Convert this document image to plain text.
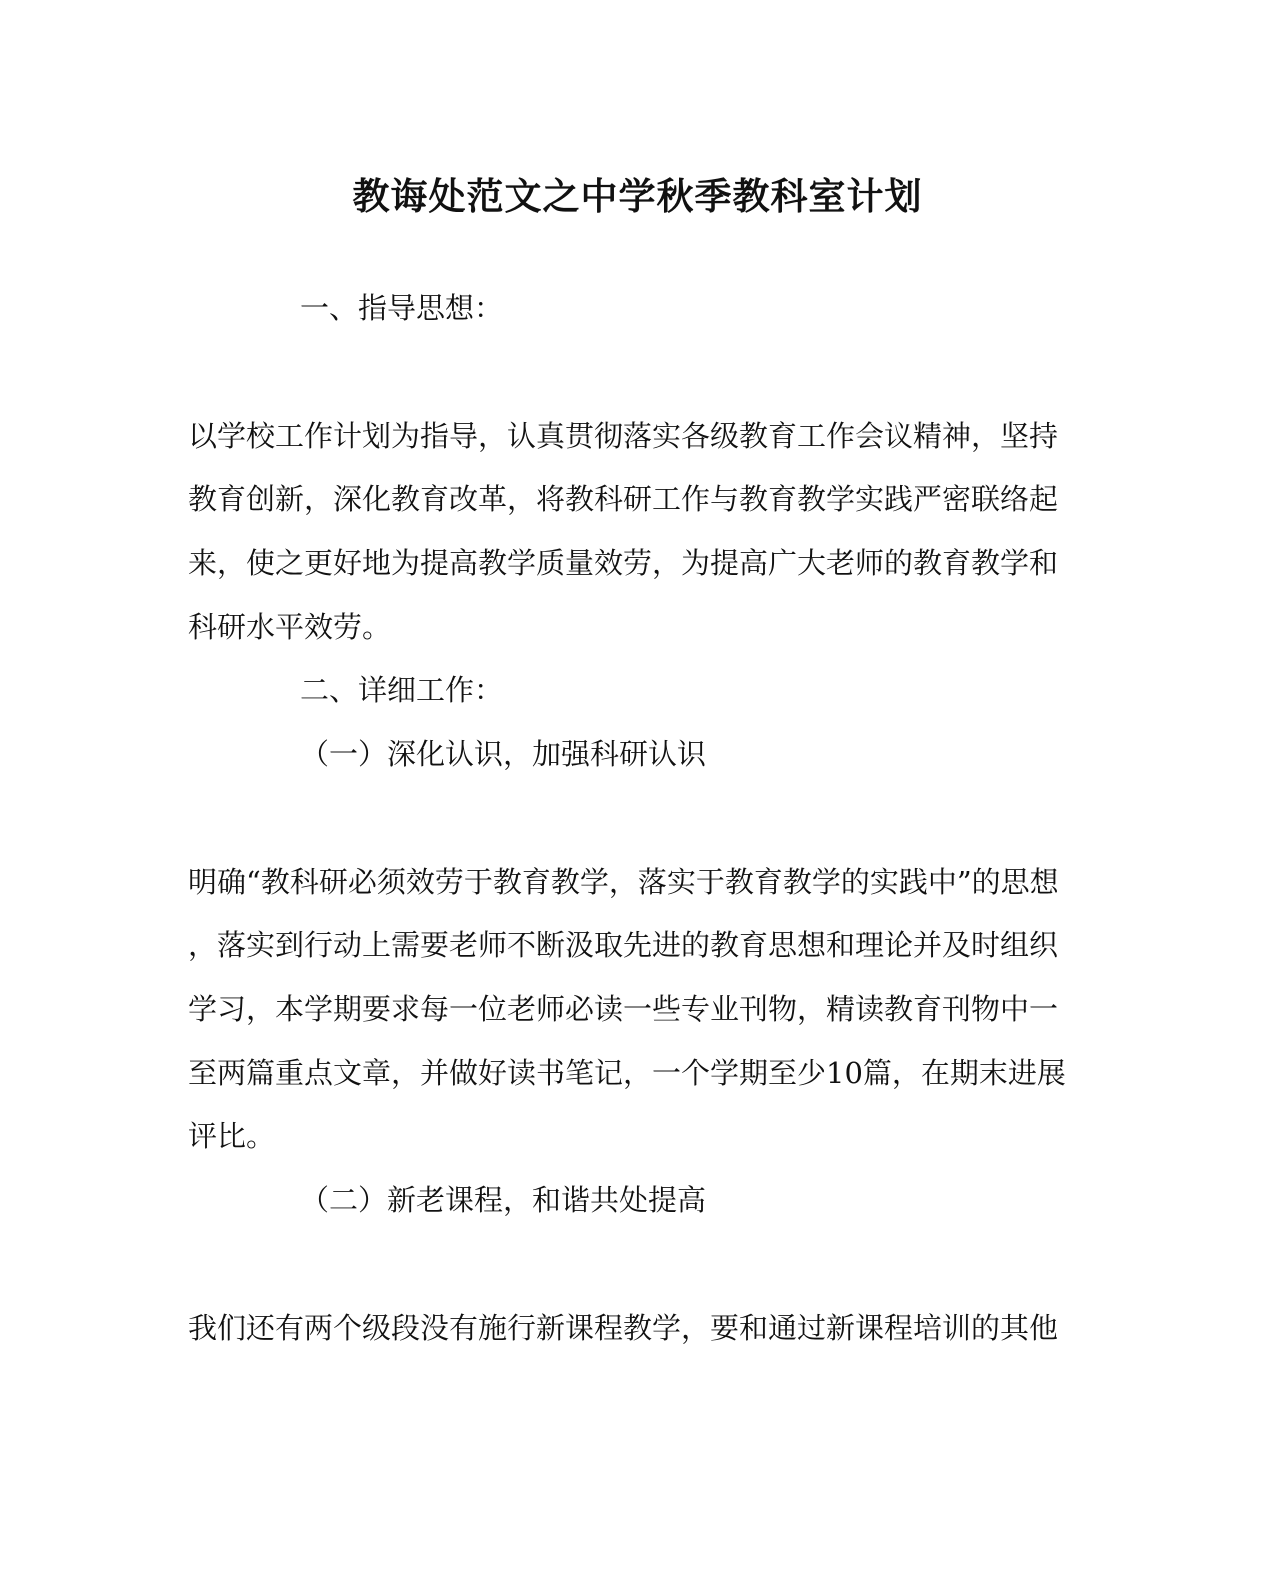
教诲处范文之中学秋季教科室计划

一、指导思想：

以学校工作计划为指导，认真贯彻落实各级教育工作会议精神，坚持

教育创新，深化教育改革，将教科研工作与教育教学实践严密联络起

来，使之更好地为提高教学质量效劳，为提高广大老师的教育教学和

科研水平效劳。

二、详细工作：

（一）深化认识，加强科研认识

明确“教科研必须效劳于教育教学，落实于教育教学的实践中”的思想

，落实到行动上需要老师不断汲取先进的教育思想和理论并及时组织

学习，本学期要求每一位老师必读一些专业刊物，精读教育刊物中一

至两篇重点文章，并做好读书笔记，一个学期至少10篇，在期末进展

评比。

（二）新老课程，和谐共处提高

我们还有两个级段没有施行新课程教学，要和通过新课程培训的其他
